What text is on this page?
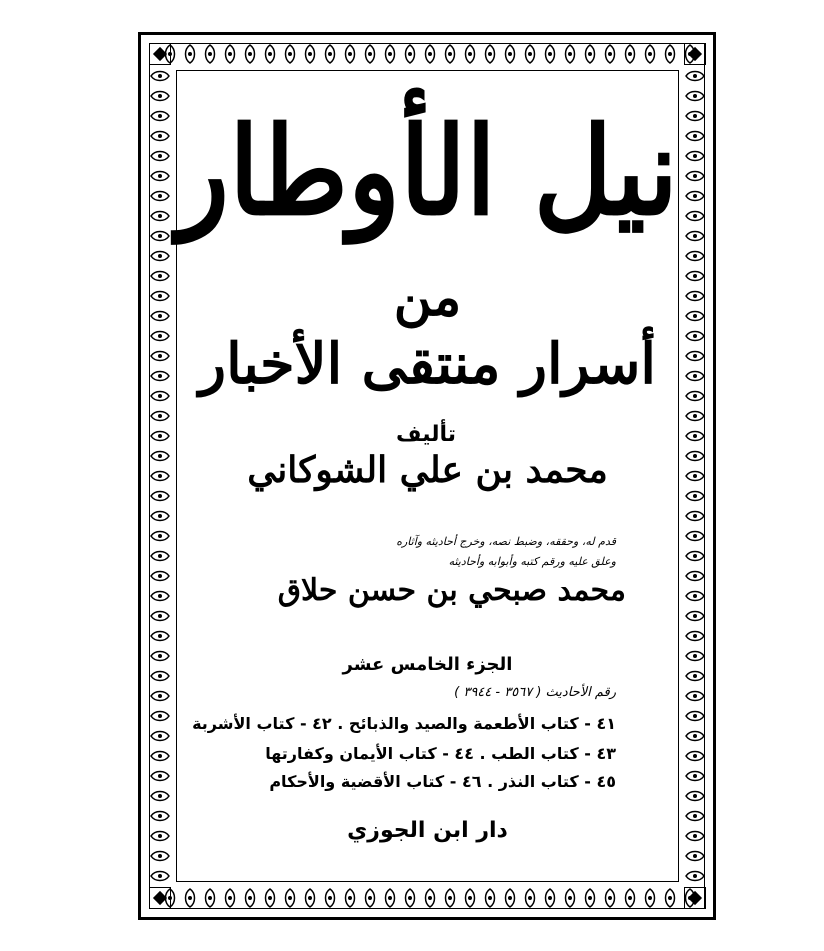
نيل الأوطار
من
أسرار منتقى الأخبار
تأليف
محمد بن علي الشوكاني
قدم له، وحققه، وضبط نصه، وخرج أحاديثه وآثاره
وعلق عليه ورقم كتبه وأبوابه وأحاديثه
محمد صبحي بن حسن حلاق
الجزء الخامس عشر
رقم الأحاديث ( ٣٥٦٧ - ٣٩٤٤ )
٤١ - كتاب الأطعمة والصيد والذبائح . ٤٢ - كتاب الأشربة
٤٣ - كتاب الطب . ٤٤ - كتاب الأيمان وكفارتها
٤٥ - كتاب النذر . ٤٦ - كتاب الأقضية والأحكام
دار ابن الجوزي
